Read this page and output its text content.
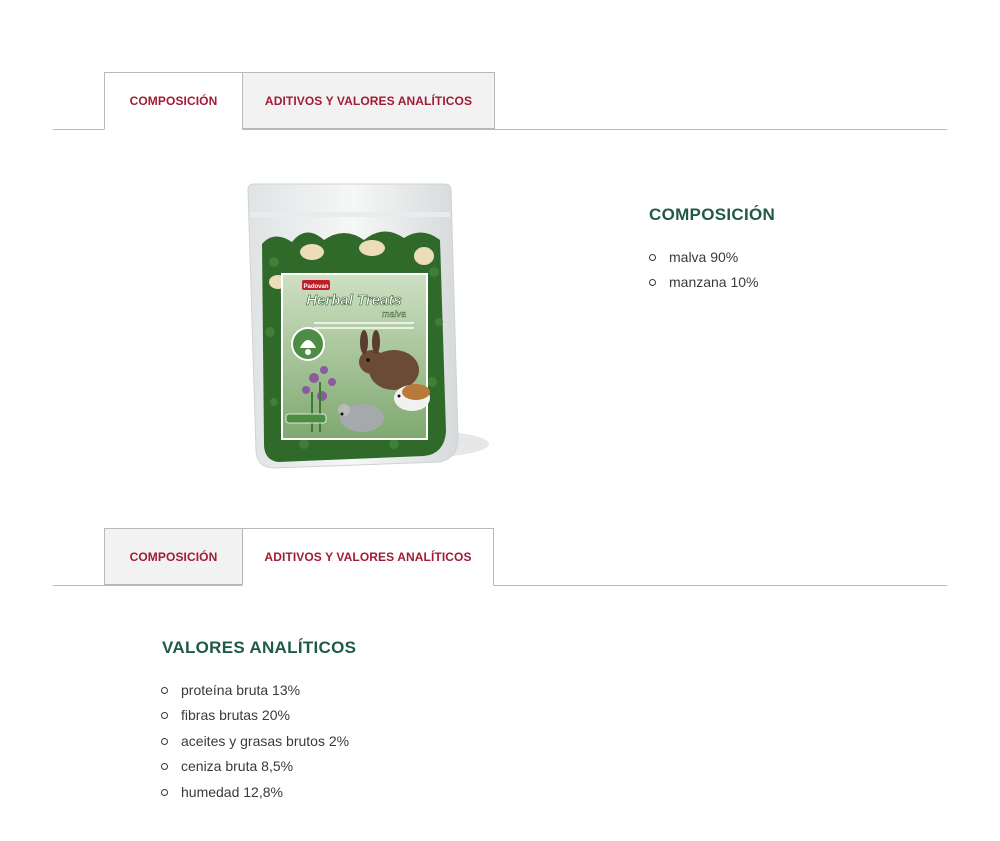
COMPOSICIÓN	ADITIVOS Y VALORES ANALÍTICOS
Padovan
Herbal Treats
malva
COMPOSICIÓN
malva 90%
manzana 10%
COMPOSICIÓN	ADITIVOS Y VALORES ANALÍTICOS
VALORES ANALÍTICOS
proteína bruta 13%
fibras brutas 20%
aceites y grasas brutos 2%
ceniza bruta 8,5%
humedad 12,8%
